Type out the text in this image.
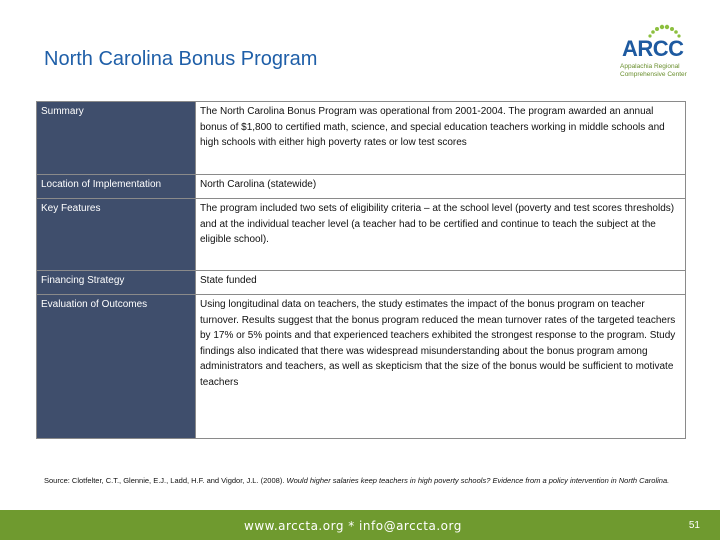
North Carolina Bonus Program	ARCC
Appalachia Regional
Comprehensive Center
Summary	The North Carolina Bonus Program was operational from 2001-2004. The program awarded an annual bonus of $1,800 to certified math, science, and special education teachers working in middle schools and high schools with either high poverty rates or low test scores
Location of Implementation	North Carolina (statewide)
Key Features	The program included two sets of eligibility criteria – at the school level (poverty and test scores thresholds) and at the individual teacher level (a teacher had to be certified and continue to teach the subject at the eligible school).
Financing Strategy	State funded
Evaluation of Outcomes	Using longitudinal data on teachers, the study estimates the impact of the bonus program on teacher turnover. Results suggest that the bonus program reduced the mean turnover rates of the targeted teachers by 17% or 5% points and that experienced teachers exhibited the strongest response to the program. Study findings also indicated that there was widespread misunderstanding about the bonus program among administrators and teachers, as well as skepticism that the size of the bonus would be sufficient to motivate teachers
Source: Clotfelter, C.T., Glennie, E.J., Ladd, H.F. and Vigdor, J.L. (2008). Would higher salaries keep teachers in high poverty schools? Evidence from a policy intervention in North Carolina.
www.arccta.org * info@arccta.org	51
